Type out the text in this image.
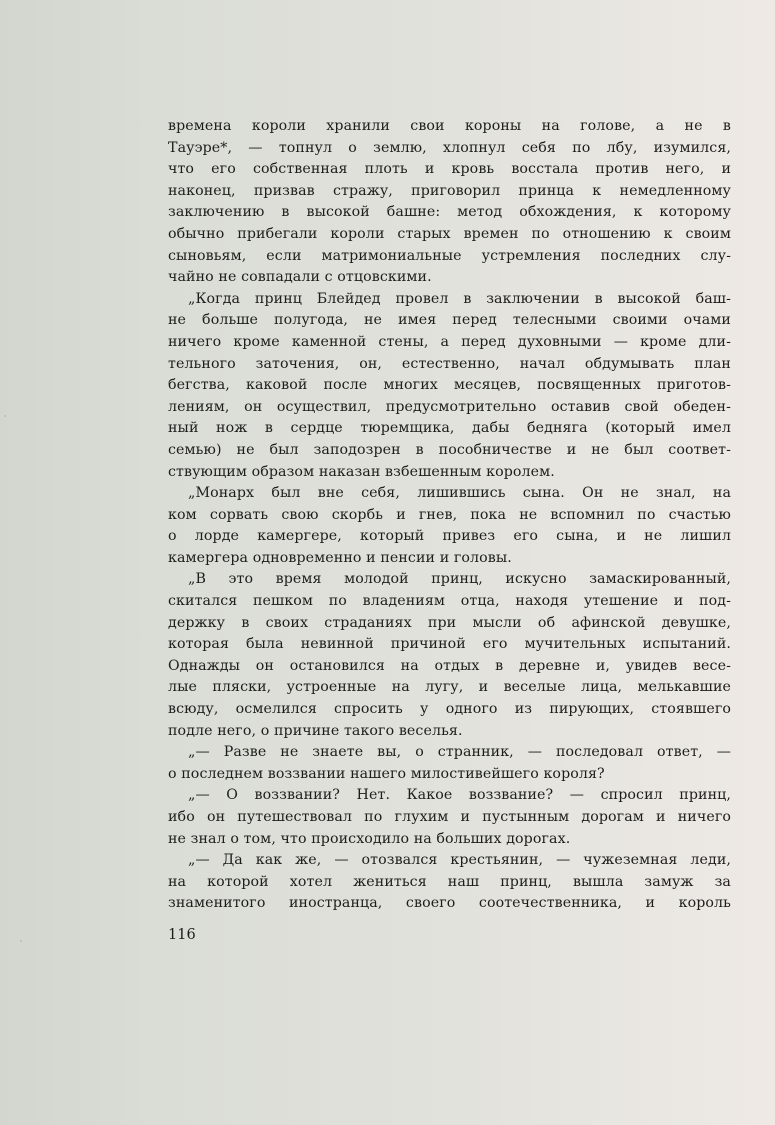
времена короли хранили свои короны на голове, а не в
Тауэре*, — топнул о землю, хлопнул себя по лбу, изумился,
что его собственная плоть и кровь восстала против него, и
наконец, призвав стражу, приговорил принца к немедленному
заключению в высокой башне: метод обхождения, к которому
обычно прибегали короли старых времен по отношению к своим
сыновьям, если матримониальные устремления последних слу-
чайно не совпадали с отцовскими.
„Когда принц Блейдед провел в заключении в высокой баш-
не больше полугода, не имея перед телесными своими очами
ничего кроме каменной стены, а перед духовными — кроме дли-
тельного заточения, он, естественно, начал обдумывать план
бегства, каковой после многих месяцев, посвященных приготов-
лениям, он осуществил, предусмотрительно оставив свой обеден-
ный нож в сердце тюремщика, дабы бедняга (который имел
семью) не был заподозрен в пособничестве и не был соответ-
ствующим образом наказан взбешенным королем.
„Монарх был вне себя, лишившись сына. Он не знал, на
ком сорвать свою скорбь и гнев, пока не вспомнил по счастью
о лорде камергере, который привез его сына, и не лишил
камергера одновременно и пенсии и головы.
„В это время молодой принц, искусно замаскированный,
скитался пешком по владениям отца, находя утешение и под-
держку в своих страданиях при мысли об афинской девушке,
которая была невинной причиной его мучительных испытаний.
Однажды он остановился на отдых в деревне и, увидев весе-
лые пляски, устроенные на лугу, и веселые лица, мелькавшие
всюду, осмелился спросить у одного из пирующих, стоявшего
подле него, о причине такого веселья.
„— Разве не знаете вы, о странник, — последовал ответ, —
о последнем воззвании нашего милостивейшего короля?
„— О воззвании? Нет. Какое воззвание? — спросил принц,
ибо он путешествовал по глухим и пустынным дорогам и ничего
не знал о том, что происходило на больших дорогах.
„— Да как же, — отозвался крестьянин, — чужеземная леди,
на которой хотел жениться наш принц, вышла замуж за
знаменитого иностранца, своего соотечественника, и король
116
